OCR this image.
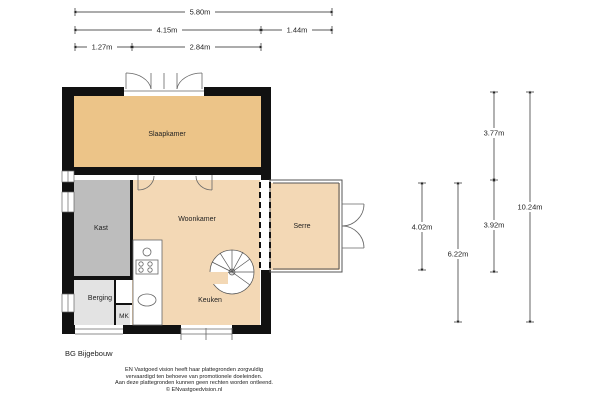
5.80m
4.15m	1.44m
1.27m	2.84m
3.77m
10.24m
4.02m	3.92m
6.22m
Slaapkamer
Woonkamer
Kast	Serre
Berging	Keuken
MK
BG Bijgebouw
EN Vastgoed vision heeft haar plattegronden zorgvuldig
vervaardigd ten behoeve van promotionele doeleinden.
Aan deze plattegronden kunnen geen rechten worden ontleend.
© ENvastgoedvision.nl
